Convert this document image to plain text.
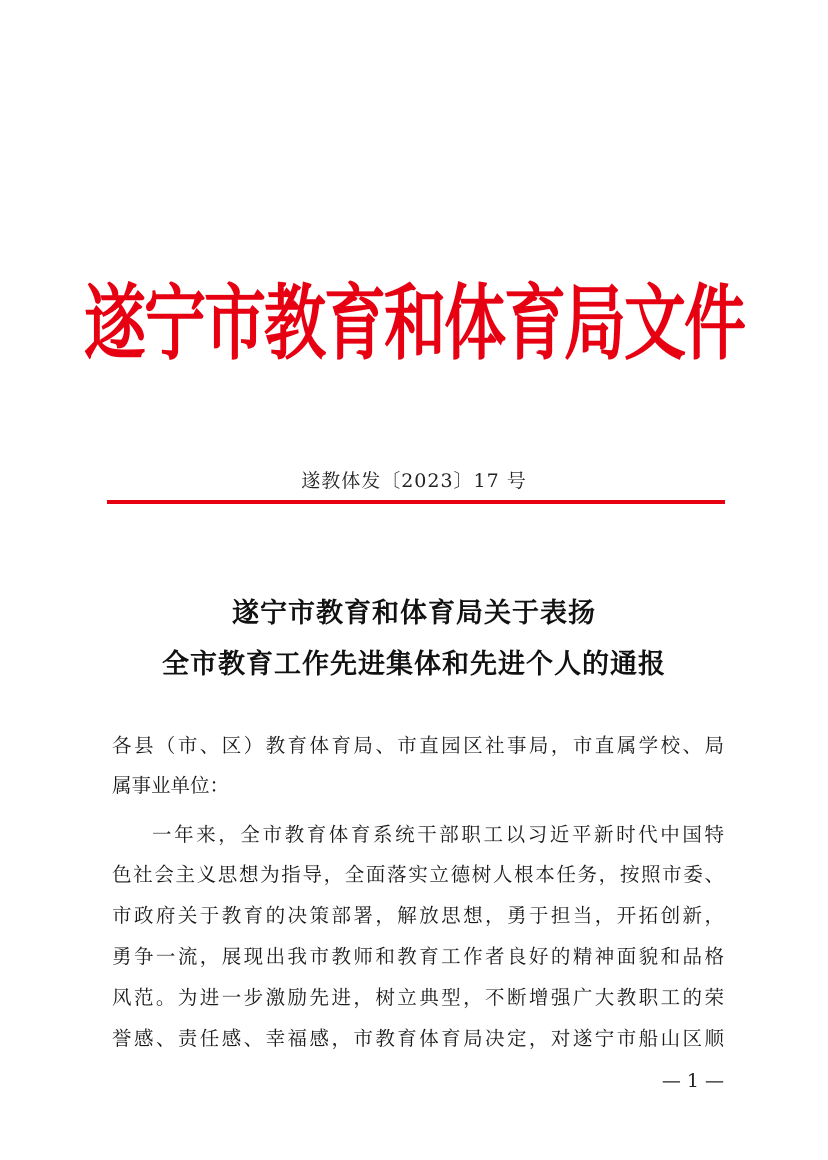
遂宁市教育和体育局文件
遂教体发〔2023〕17 号
遂宁市教育和体育局关于表扬
全市教育工作先进集体和先进个人的通报
各县（市、区）教育体育局、市直园区社事局，市直属学校、局
属事业单位：
一年来，全市教育体育系统干部职工以习近平新时代中国特
色社会主义思想为指导，全面落实立德树人根本任务，按照市委、
市政府关于教育的决策部署，解放思想，勇于担当，开拓创新，
勇争一流，展现出我市教师和教育工作者良好的精神面貌和品格
风范。为进一步激励先进，树立典型，不断增强广大教职工的荣
誉感、责任感、幸福感，市教育体育局决定，对遂宁市船山区顺
— 1 —
